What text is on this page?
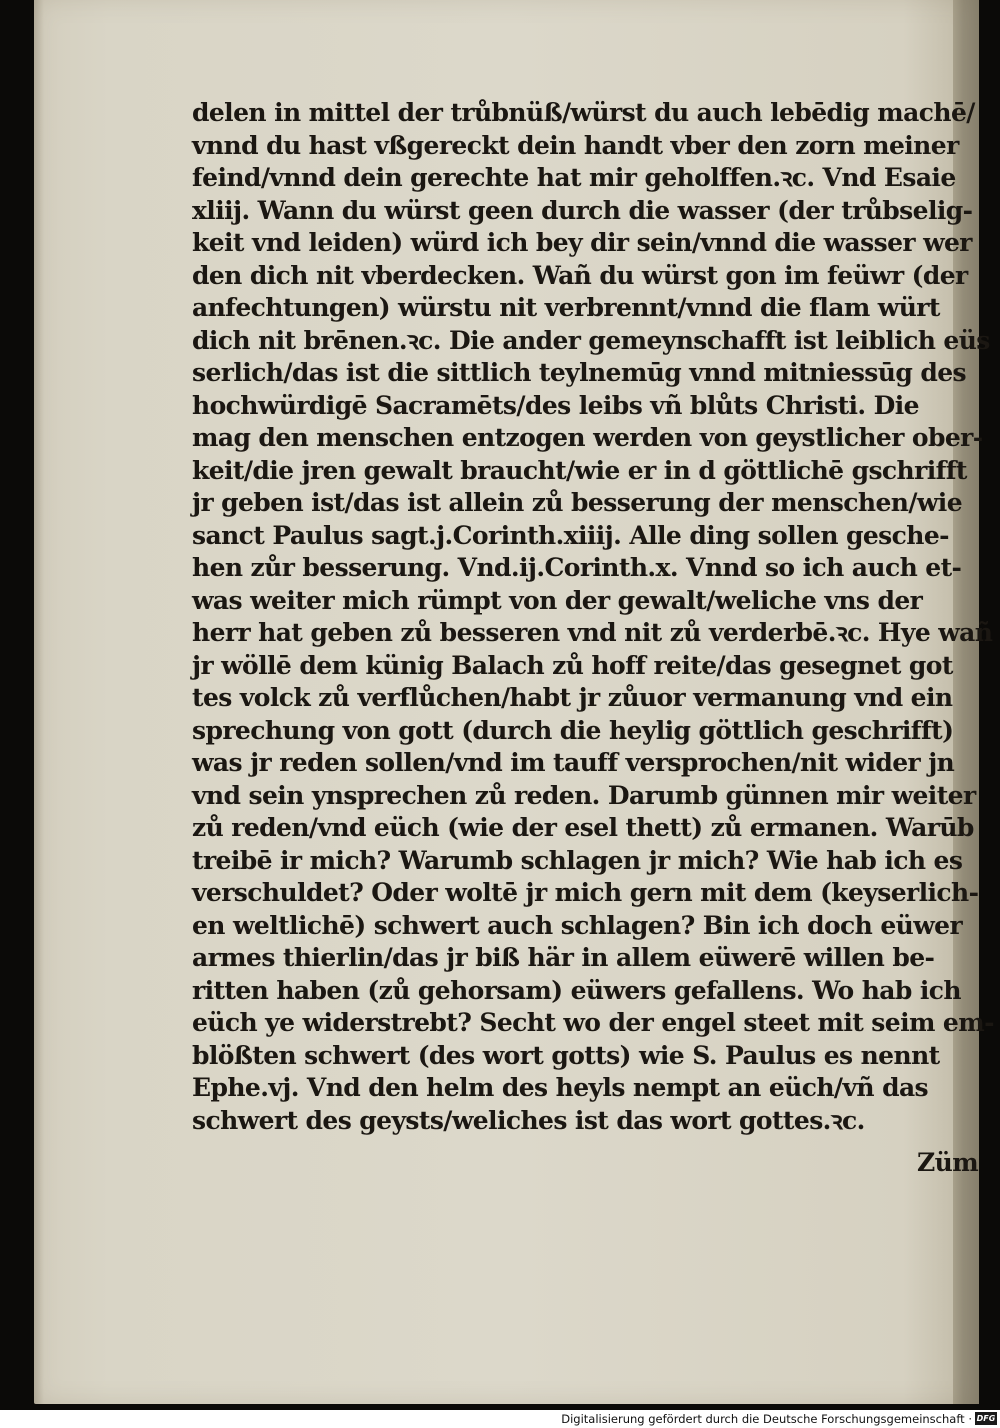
delen in mittel der trůbnüß/würst du auch lebēdig machē/
vnnd du hast vßgereckt dein handt vber den zorn meiner
feind/vnnd dein gerechte hat mir geholffen.ꝛc. Vnd Esaie
xliij. Wann du würst geen durch die wasser (der trůbselig-
keit vnd leiden) würd ich bey dir sein/vnnd die wasser wer
den dich nit vberdecken. Wañ du würst gon im feüwr (der
anfechtungen) würstu nit verbrennt/vnnd die flam würt
dich nit brēnen.ꝛc. Die ander gemeynschafft ist leiblich eüs
serlich/das ist die sittlich teylnemūg vnnd mitniessūg des
hochwürdigē Sacramēts/des leibs vñ blůts Christi. Die
mag den menschen entzogen werden von geystlicher ober-
keit/die jren gewalt braucht/wie er in d göttlichē gschrifft
jr geben ist/das ist allein zů besserung der menschen/wie
sanct Paulus sagt.j.Corinth.xiiij. Alle ding sollen gesche-
hen zůr besserung. Vnd.ij.Corinth.x. Vnnd so ich auch et-
was weiter mich rümpt von der gewalt/weliche vns der
herr hat geben zů besseren vnd nit zů verderbē.ꝛc. Hye wañ
jr wöllē dem künig Balach zů hoff reite/das gesegnet got
tes volck zů verflůchen/habt jr zůuor vermanung vnd ein
sprechung von gott (durch die heylig göttlich geschrifft)
was jr reden sollen/vnd im tauff versprochen/nit wider jn
vnd sein ynsprechen zů reden. Darumb günnen mir weiter
zů reden/vnd eüch (wie der esel thett) zů ermanen. Warūb
treibē ir mich? Warumb schlagen jr mich? Wie hab ich es
verschuldet? Oder woltē jr mich gern mit dem (keyserlich-
en weltlichē) schwert auch schlagen? Bin ich doch eüwer
armes thierlin/das jr biß här in allem eüwerē willen be-
ritten haben (zů gehorsam) eüwers gefallens. Wo hab ich
eüch ye widerstrebt? Secht wo der engel steet mit seim em-
blößten schwert (des wort gotts) wie S. Paulus es nennt
Ephe.vj. Vnd den helm des heyls nempt an eüch/vñ das
schwert des geysts/weliches ist das wort gottes.ꝛc.
Züm
Digitalisierung gefördert durch die Deutsche Forschungsgemeinschaft · DFG
